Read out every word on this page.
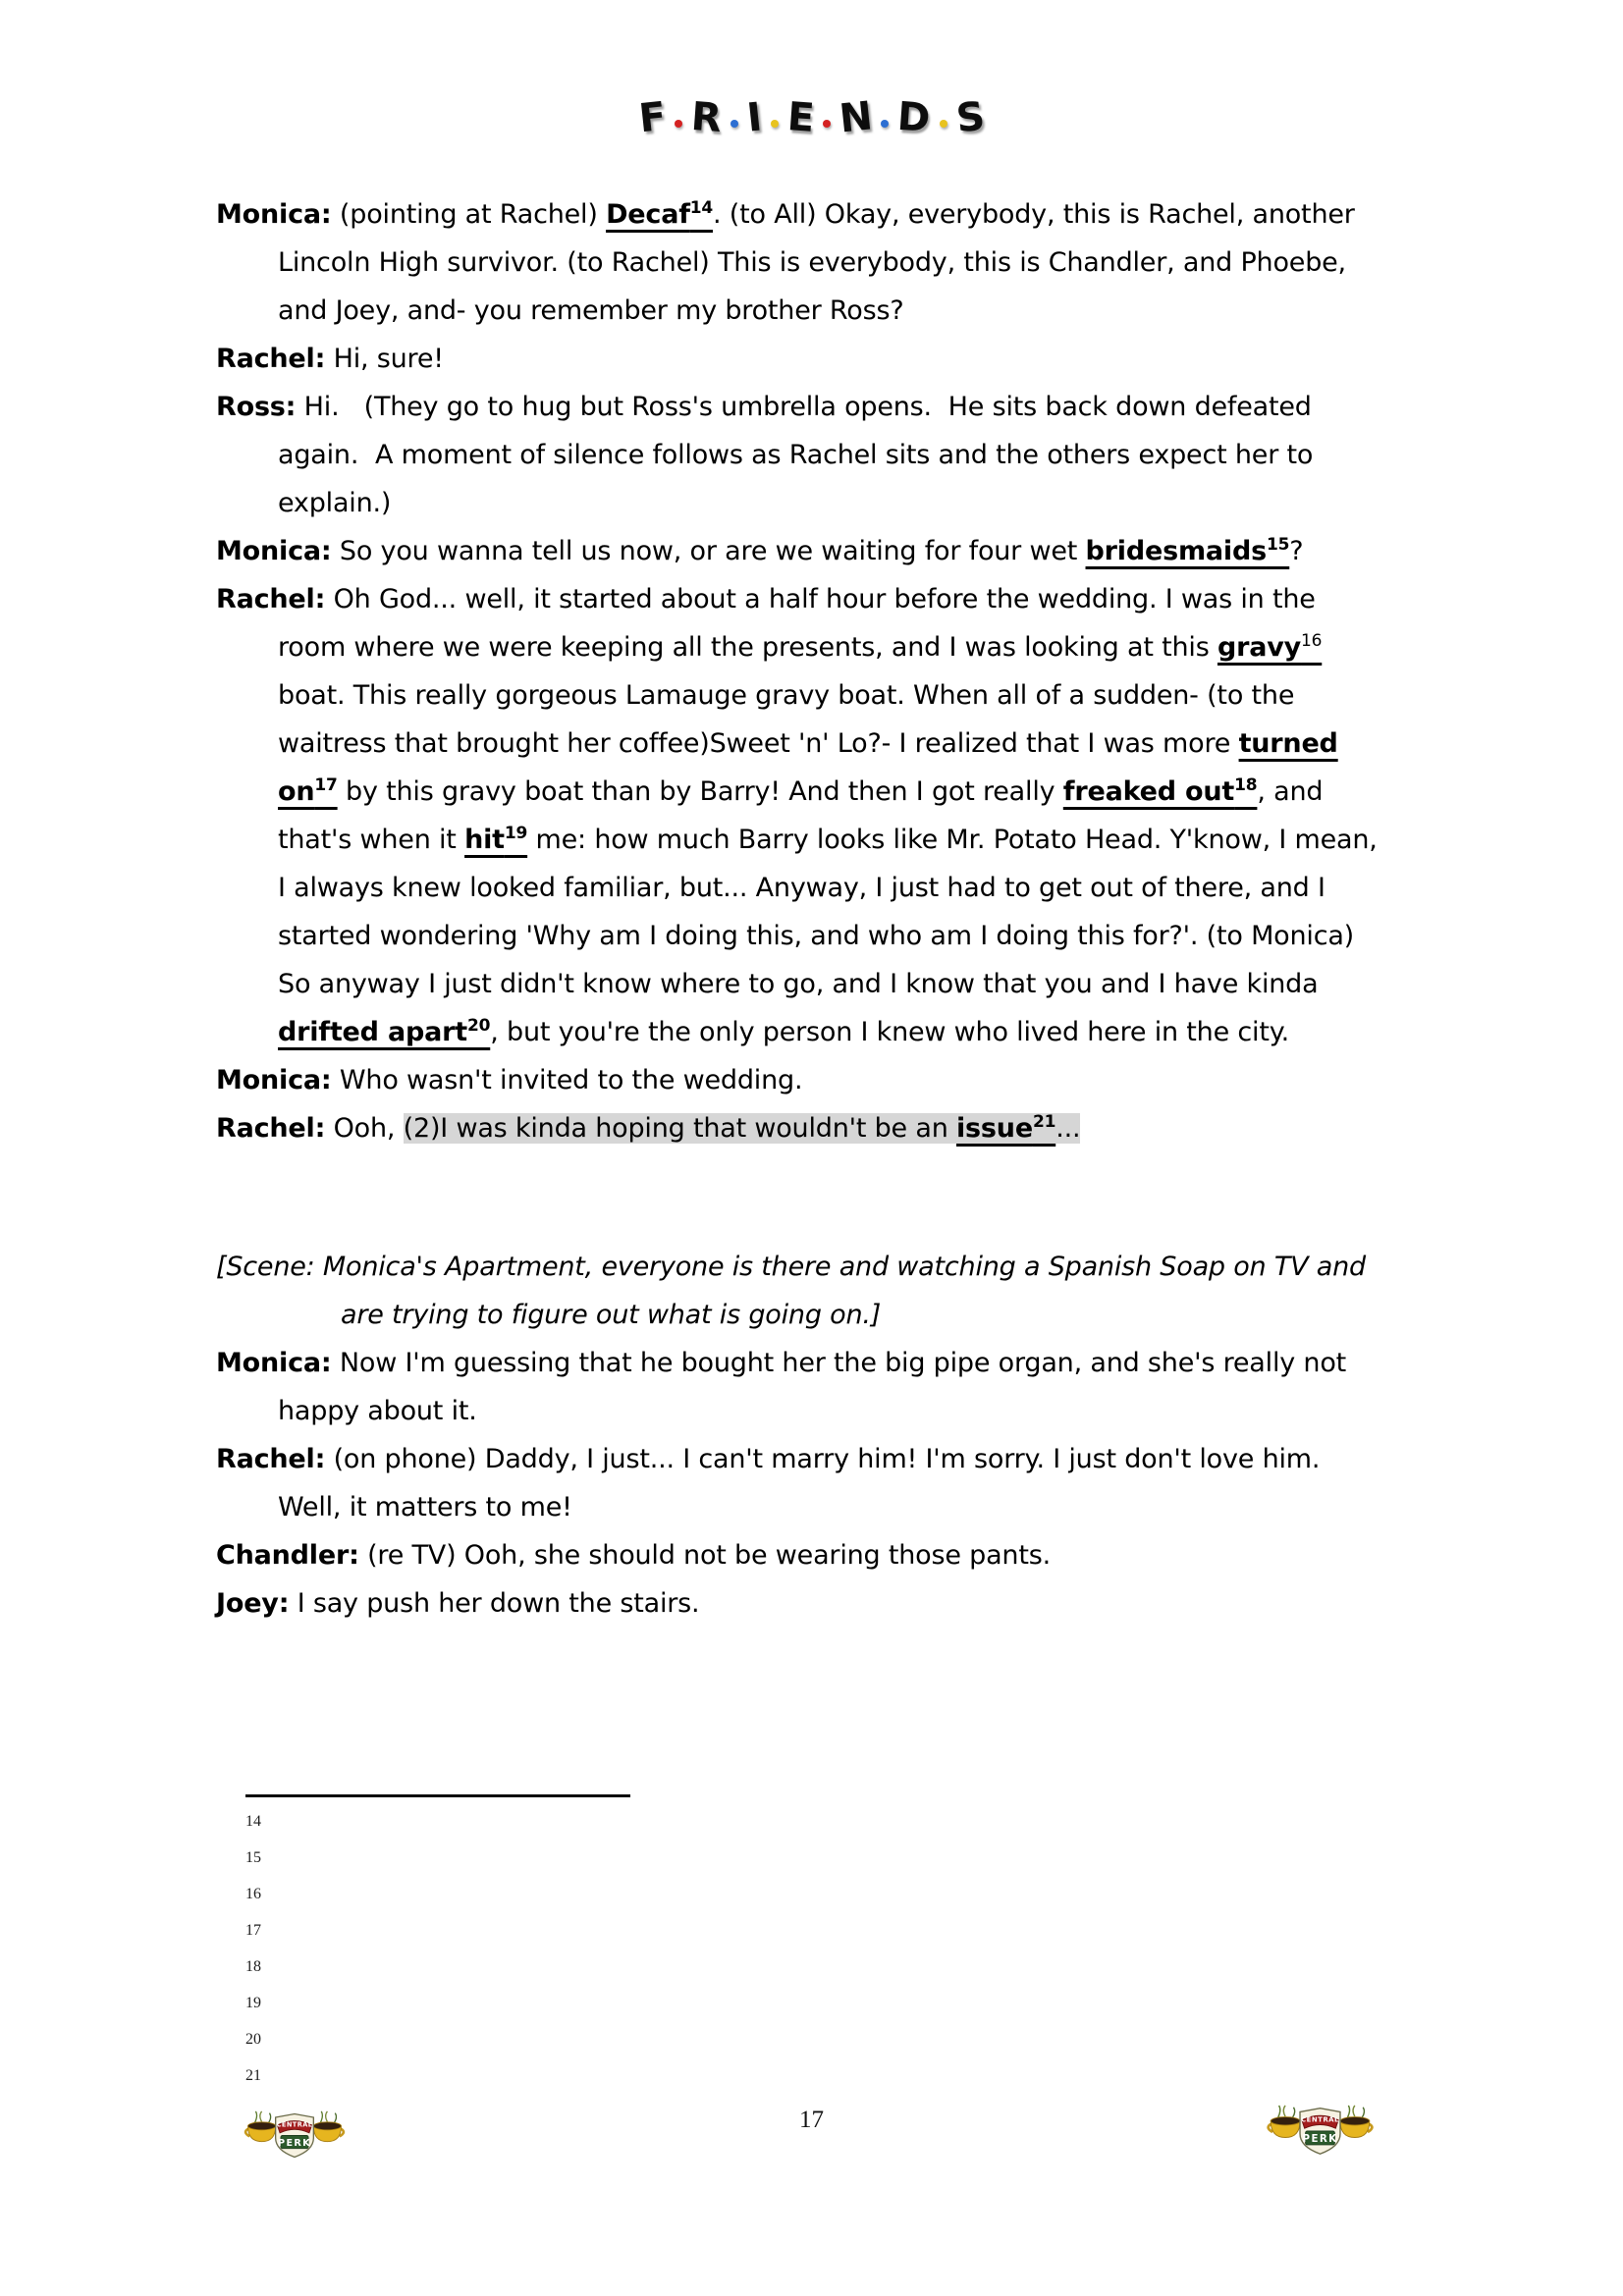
F R I E N D S
Monica: (pointing at Rachel) Decaf$^{14}$. (to All) Okay, everybody, this is Rachel, another Lincoln High survivor. (to Rachel) This is everybody, this is Chandler, and Phoebe, and Joey, and- you remember my brother Ross?
Rachel: Hi, sure!
Ross: Hi.   (They go to hug but Ross's umbrella opens.  He sits back down defeated again.  A moment of silence follows as Rachel sits and the others expect her to explain.)
Monica: So you wanna tell us now, or are we waiting for four wet bridesmaids$^{15}$?
Rachel: Oh God... well, it started about a half hour before the wedding. I was in the room where we were keeping all the presents, and I was looking at this gravy$^{16}$ boat. This really gorgeous Lamauge gravy boat. When all of a sudden- (to the waitress that brought her coffee)Sweet 'n' Lo?- I realized that I was more turned $on^{17}$ by this gravy boat than by Barry! And then I got really freaked out$^{18}$, and that's when it hit$^{19}$ me: how much Barry looks like Mr. Potato Head. Y'know, I mean, I always knew looked familiar, but... Anyway, I just had to get out of there, and I started wondering 'Why am I doing this, and who am I doing this for?'. (to Monica) So anyway I just didn't know where to go, and I know that you and I have kinda drifted apart$^{20}$, but you're the only person I knew who lived here in the city.
Monica: Who wasn't invited to the wedding.
Rachel: Ooh, (2)I was kinda hoping that wouldn't be an issue$^{21}$...
[Scene: Monica's Apartment, everyone is there and watching a Spanish Soap on TV and are trying to figure out what is going on.]
Monica: Now I'm guessing that he bought her the big pipe organ, and she's really not happy about it.
Rachel: (on phone) Daddy, I just... I can't marry him! I'm sorry. I just don't love him. Well, it matters to me!
Chandler: (re TV) Ooh, she should not be wearing those pants.
Joey: I say push her down the stairs.
14
15
16
17
18
19
20
21
17
CENTRAL
PERK
CENTRAL
PERK
